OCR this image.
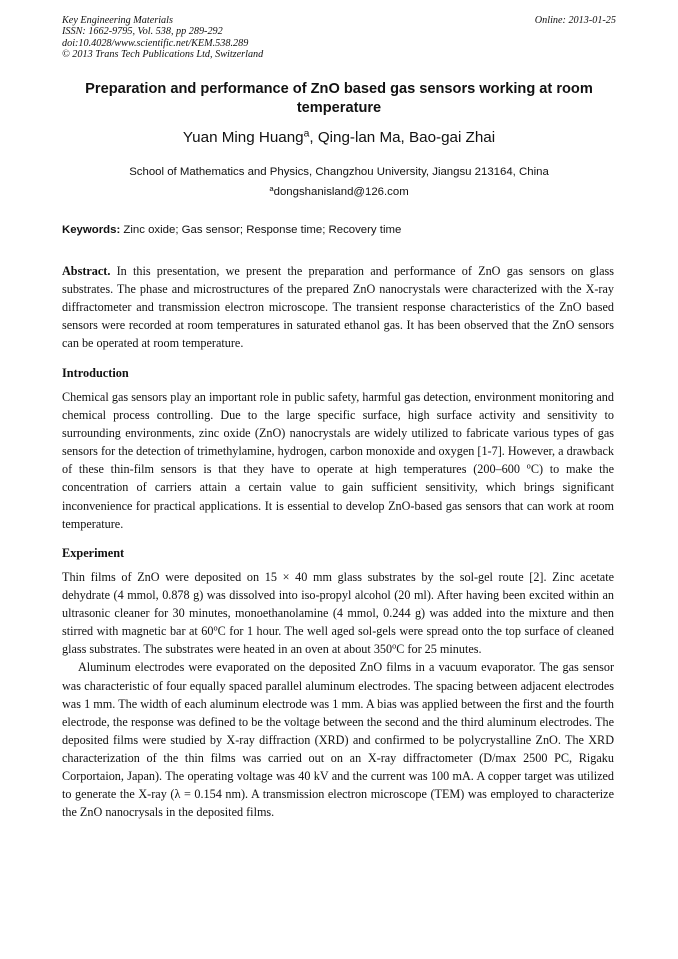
Key Engineering Materials
ISSN: 1662-9795, Vol. 538, pp 289-292
doi:10.4028/www.scientific.net/KEM.538.289
© 2013 Trans Tech Publications Ltd, Switzerland
Online: 2013-01-25
Preparation and performance of ZnO based gas sensors working at room temperature
Yuan Ming Huang$^a$, Qing-lan Ma, Bao-gai Zhai
School of Mathematics and Physics, Changzhou University, Jiangsu 213164, China
$^a$dongshanisland@126.com
Keywords: Zinc oxide; Gas sensor; Response time; Recovery time

Abstract. In this presentation, we present the preparation and performance of ZnO gas sensors on glass substrates. The phase and microstructures of the prepared ZnO nanocrystals were characterized with the X-ray diffractometer and transmission electron microscope. The transient response characteristics of the ZnO based sensors were recorded at room temperatures in saturated ethanol gas. It has been observed that the ZnO sensors can be operated at room temperature.

Introduction

Chemical gas sensors play an important role in public safety, harmful gas detection, environment monitoring and chemical process controlling. Due to the large specific surface, high surface activity and sensitivity to surrounding environments, zinc oxide (ZnO) nanocrystals are widely utilized to fabricate various types of gas sensors for the detection of trimethylamine, hydrogen, carbon monoxide and oxygen [1-7]. However, a drawback of these thin-film sensors is that they have to operate at high temperatures (200–600 $^o$C) to make the concentration of carriers attain a certain value to gain sufficient sensitivity, which brings significant inconvenience for practical applications. It is essential to develop ZnO-based gas sensors that can work at room temperature.

Experiment

Thin films of ZnO were deposited on 15 × 40 mm glass substrates by the sol-gel route [2]. Zinc acetate dehydrate (4 mmol, 0.878 g) was dissolved into iso-propyl alcohol (20 ml). After having been excited within an ultrasonic cleaner for 30 minutes, monoethanolamine (4 mmol, 0.244 g) was added into the mixture and then stirred with magnetic bar at 60$^o$C for 1 hour. The well aged sol-gels were spread onto the top surface of cleaned glass substrates. The substrates were heated in an oven at about 350$^o$C for 25 minutes.

Aluminum electrodes were evaporated on the deposited ZnO films in a vacuum evaporator. The gas sensor was characteristic of four equally spaced parallel aluminum electrodes. The spacing between adjacent electrodes was 1 mm. The width of each aluminum electrode was 1 mm. A bias was applied between the first and the fourth electrode, the response was defined to be the voltage between the second and the third aluminum electrodes. The deposited films were studied by X-ray diffraction (XRD) and confirmed to be polycrystalline ZnO. The XRD characterization of the thin films was carried out on an X-ray diffractometer (D/max 2500 PC, Rigaku Corportaion, Japan). The operating voltage was 40 kV and the current was 100 mA. A copper target was utilized to generate the X-ray (λ = 0.154 nm). A transmission electron microscope (TEM) was employed to characterize the ZnO nanocrysals in the deposited films.
